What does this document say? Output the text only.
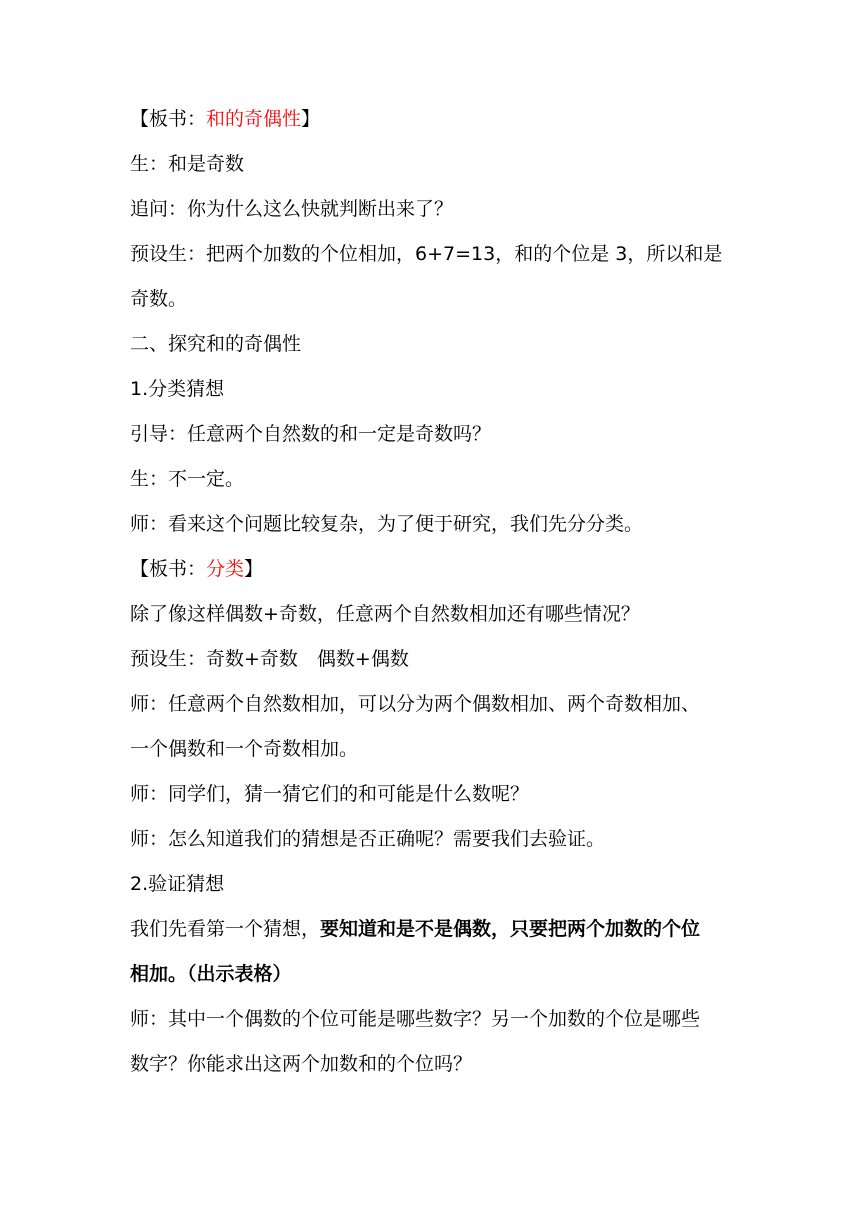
【板书：和的奇偶性】
生：和是奇数
追问：你为什么这么快就判断出来了？
预设生：把两个加数的个位相加，6+7=13，和的个位是 3，所以和是
奇数。
二、探究和的奇偶性
1.分类猜想
引导：任意两个自然数的和一定是奇数吗？
生：不一定。
师：看来这个问题比较复杂，为了便于研究，我们先分分类。
【板书：分类】
除了像这样偶数+奇数，任意两个自然数相加还有哪些情况？
预设生：奇数+奇数　偶数+偶数
师：任意两个自然数相加，可以分为两个偶数相加、两个奇数相加、
一个偶数和一个奇数相加。
师：同学们，猜一猜它们的和可能是什么数呢？
师：怎么知道我们的猜想是否正确呢？需要我们去验证。
2.验证猜想
我们先看第一个猜想，要知道和是不是偶数，只要把两个加数的个位
相加。（出示表格）
师：其中一个偶数的个位可能是哪些数字？另一个加数的个位是哪些
数字？你能求出这两个加数和的个位吗？
